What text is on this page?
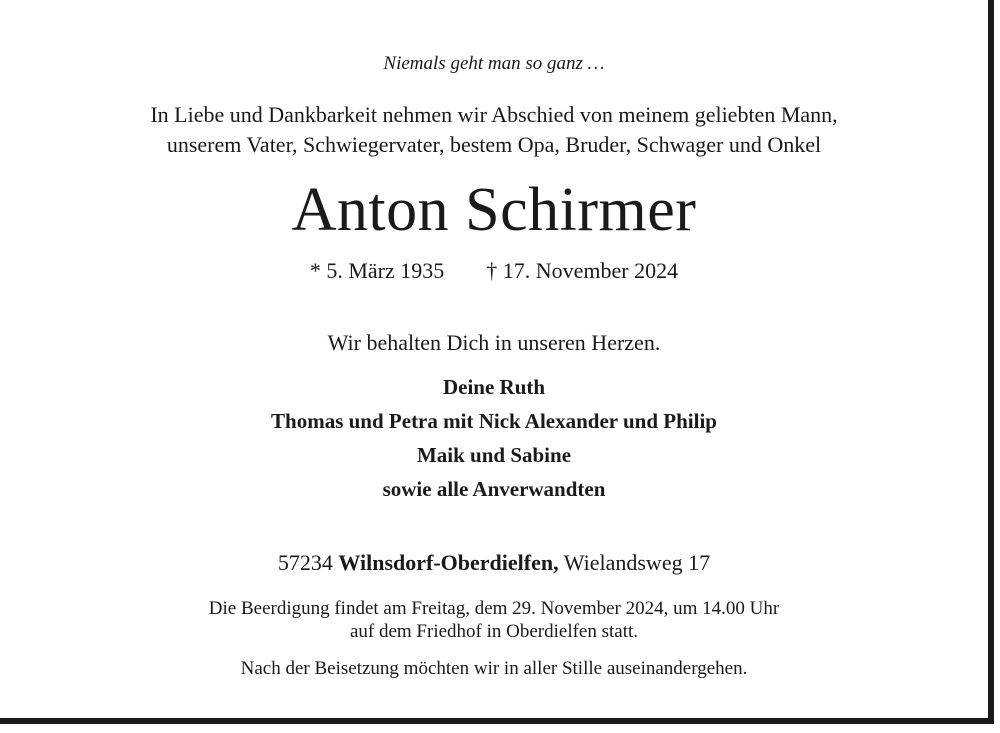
Niemals geht man so ganz …

In Liebe und Dankbarkeit nehmen wir Abschied von meinem geliebten Mann,
unserem Vater, Schwiegervater, bestem Opa, Bruder, Schwager und Onkel
Anton Schirmer

* 5. März 1935 † 17. November 2024

Wir behalten Dich in unseren Herzen.

Deine Ruth
Thomas und Petra mit Nick Alexander und Philip
Maik und Sabine
sowie alle Anverwandten

57234 Wilnsdorf-Oberdielfen, Wielandsweg 17

Die Beerdigung findet am Freitag, dem 29. November 2024, um 14.00 Uhr
auf dem Friedhof in Oberdielfen statt.

Nach der Beisetzung möchten wir in aller Stille auseinandergehen.
